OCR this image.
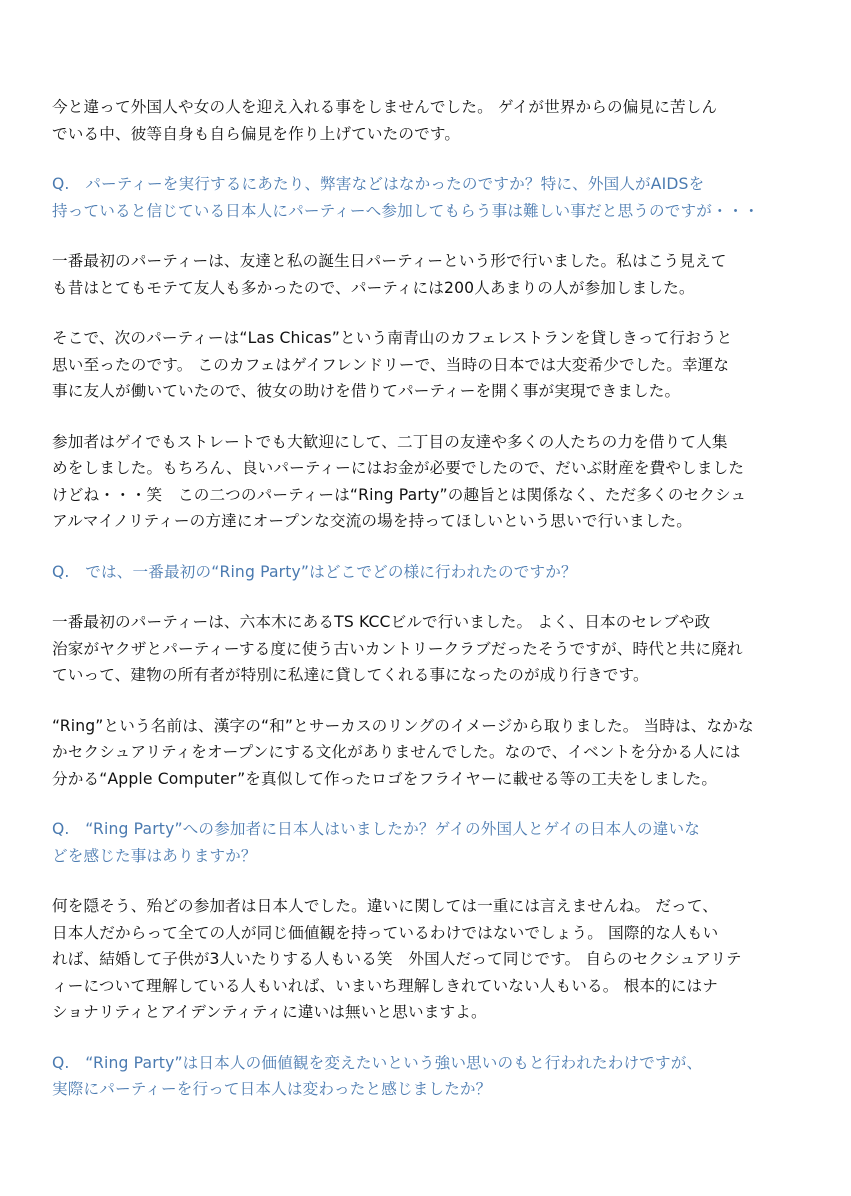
今と違って外国人や女の人を迎え入れる事をしませんでした。 ゲイが世界からの偏見に苦しん
でいる中、彼等自身も自ら偏見を作り上げていたのです。

Q.　パーティーを実行するにあたり、弊害などはなかったのですか？特に、外国人がAIDSを
持っていると信じている日本人にパーティーへ参加してもらう事は難しい事だと思うのですが・・・

一番最初のパーティーは、友達と私の誕生日パーティーという形で行いました。私はこう見えて
も昔はとてもモテて友人も多かったので、パーティには200人あまりの人が参加しました。

そこで、次のパーティーは“Las Chicas”という南青山のカフェレストランを貸しきって行おうと
思い至ったのです。 このカフェはゲイフレンドリーで、当時の日本では大変希少でした。幸運な
事に友人が働いていたので、彼女の助けを借りてパーティーを開く事が実現できました。

参加者はゲイでもストレートでも大歓迎にして、二丁目の友達や多くの人たちの力を借りて人集
めをしました。もちろん、良いパーティーにはお金が必要でしたので、だいぶ財産を費やしました
けどね・・・笑　この二つのパーティーは“Ring Party”の趣旨とは関係なく、ただ多くのセクシュ
アルマイノリティーの方達にオープンな交流の場を持ってほしいという思いで行いました。

Q.　では、一番最初の“Ring Party”はどこでどの様に行われたのですか？

一番最初のパーティーは、六本木にあるTS KCCビルで行いました。 よく、日本のセレブや政
治家がヤクザとパーティーする度に使う古いカントリークラブだったそうですが、時代と共に廃れ
ていって、建物の所有者が特別に私達に貸してくれる事になったのが成り行きです。

“Ring”という名前は、漢字の“和”とサーカスのリングのイメージから取りました。 当時は、なかな
かセクシュアリティをオープンにする文化がありませんでした。なので、イベントを分かる人には
分かる“Apple Computer”を真似して作ったロゴをフライヤーに載せる等の工夫をしました。

Q.　“Ring Party”への参加者に日本人はいましたか？ゲイの外国人とゲイの日本人の違いな
どを感じた事はありますか？

何を隠そう、殆どの参加者は日本人でした。違いに関しては一重には言えませんね。 だって、
日本人だからって全ての人が同じ価値観を持っているわけではないでしょう。 国際的な人もい
れば、結婚して子供が3人いたりする人もいる笑　外国人だって同じです。 自らのセクシュアリテ
ィーについて理解している人もいれば、いまいち理解しきれていない人もいる。 根本的にはナ
ショナリティとアイデンティティに違いは無いと思いますよ。

Q.　“Ring Party”は日本人の価値観を変えたいという強い思いのもと行われたわけですが、
実際にパーティーを行って日本人は変わったと感じましたか？
